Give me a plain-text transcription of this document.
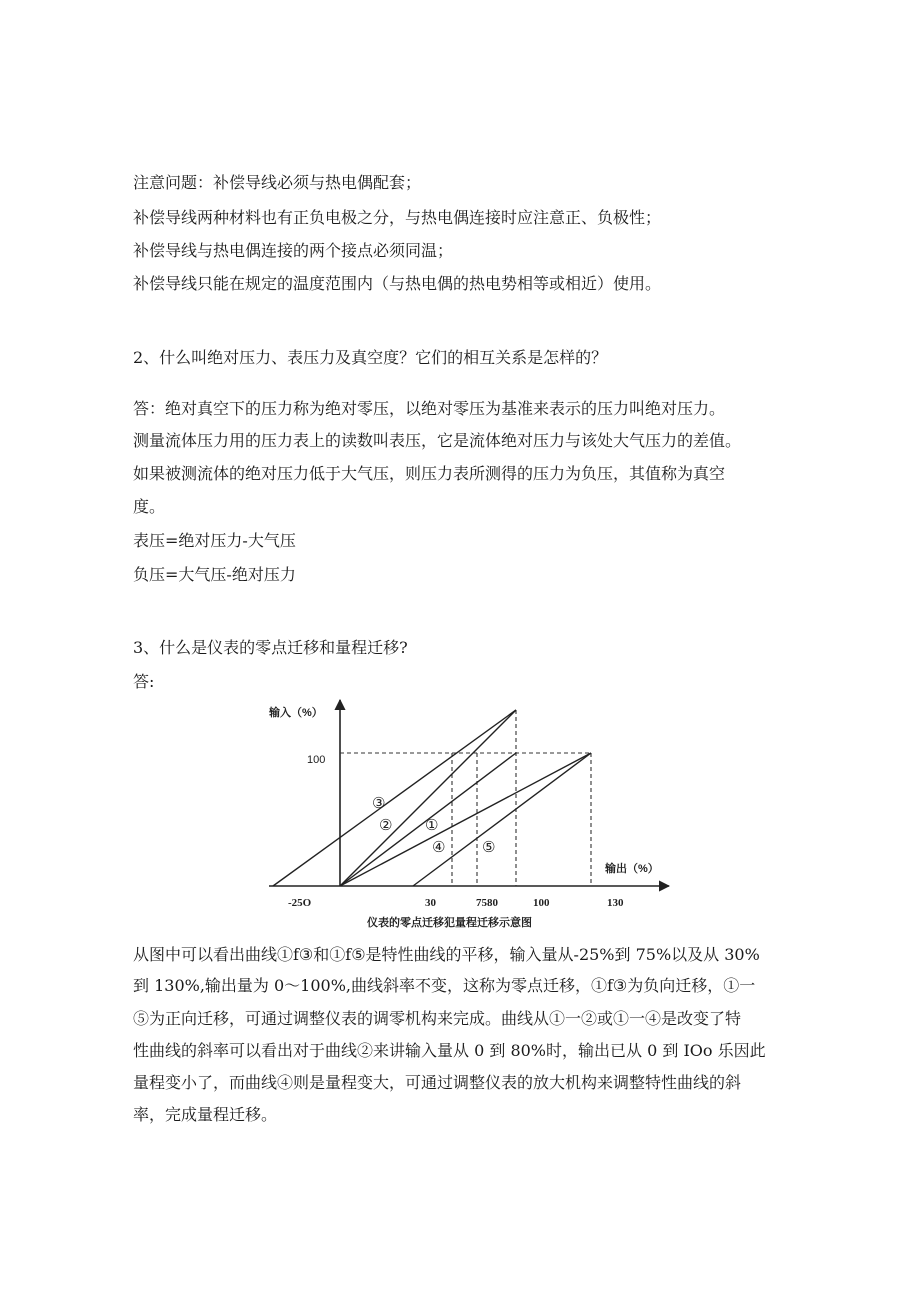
注意问题：补偿导线必须与热电偶配套；

补偿导线两种材料也有正负电极之分，与热电偶连接时应注意正、负极性；

补偿导线与热电偶连接的两个接点必须同温；

补偿导线只能在规定的温度范围内（与热电偶的热电势相等或相近）使用。

2、什么叫绝对压力、表压力及真空度？它们的相互关系是怎样的？

答：绝对真空下的压力称为绝对零压，以绝对零压为基准来表示的压力叫绝对压力。

测量流体压力用的压力表上的读数叫表压，它是流体绝对压力与该处大气压力的差值。

如果被测流体的绝对压力低于大气压，则压力表所测得的压力为负压，其值称为真空

度。

表压=绝对压力-大气压

负压=大气压-绝对压力

3、什么是仪表的零点迁移和量程迁移?

答:

输入（%）
输出（%）
100
-25O	30	7580	100	130
③
② ①
④ ⑤
仪表的零点迁移犯量程迁移示意图

从图中可以看出曲线①f③和①f⑤是特性曲线的平移，输入量从-25%到 75%以及从 30%

到 130%,输出量为 0～100%,曲线斜率不变，这称为零点迁移，①f③为负向迁移，①一

⑤为正向迁移，可通过调整仪表的调零机构来完成。曲线从①一②或①一④是改变了特

性曲线的斜率可以看出对于曲线②来讲输入量从 0 到 80%时，输出已从 0 到 IOo 乐因此

量程变小了，而曲线④则是量程变大，可通过调整仪表的放大机构来调整特性曲线的斜

率，完成量程迁移。
